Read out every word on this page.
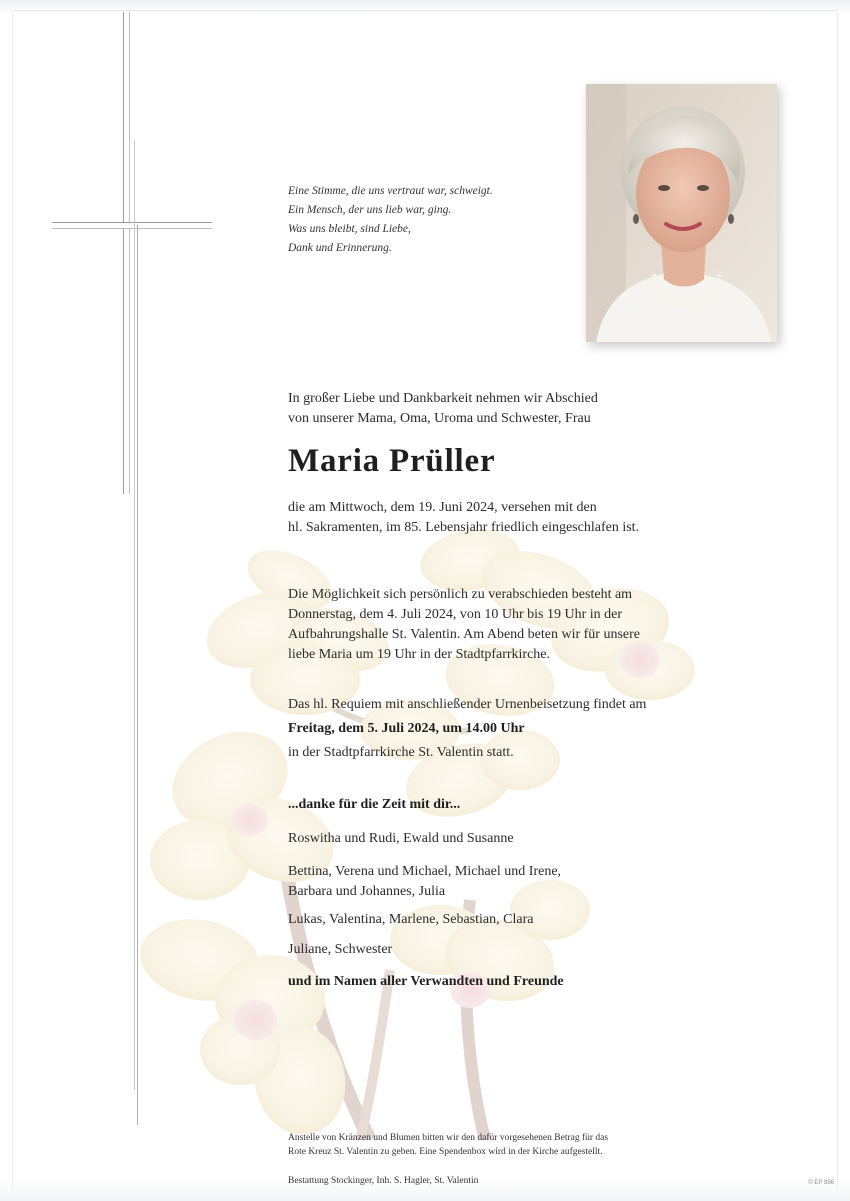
Eine Stimme, die uns vertraut war, schweigt.
Ein Mensch, der uns lieb war, ging.
Was uns bleibt, sind Liebe,
Dank und Erinnerung.
In großer Liebe und Dankbarkeit nehmen wir Abschied
von unserer Mama, Oma, Uroma und Schwester, Frau
Maria Prüller
die am Mittwoch, dem 19. Juni 2024, versehen mit den
hl. Sakramenten, im 85. Lebensjahr friedlich eingeschlafen ist.
Die Möglichkeit sich persönlich zu verabschieden besteht am
Donnerstag, dem 4. Juli 2024, von 10 Uhr bis 19 Uhr in der
Aufbahrungshalle St. Valentin. Am Abend beten wir für unsere
liebe Maria um 19 Uhr in der Stadtpfarrkirche.
Das hl. Requiem mit anschließender Urnenbeisetzung findet am
Freitag, dem 5. Juli 2024, um 14.00 Uhr
in der Stadtpfarrkirche St. Valentin statt.
...danke für die Zeit mit dir...
Roswitha und Rudi, Ewald und Susanne
Bettina, Verena und Michael, Michael und Irene,
Barbara und Johannes, Julia
Lukas, Valentina, Marlene, Sebastian, Clara
Juliane, Schwester
und im Namen aller Verwandten und Freunde
Anstelle von Kränzen und Blumen bitten wir den dafür vorgesehenen Betrag für das
Rote Kreuz St. Valentin zu geben. Eine Spendenbox wird in der Kirche aufgestellt.
Bestattung Stockinger, Inh. S. Hagler, St. Valentin	© EP 956
